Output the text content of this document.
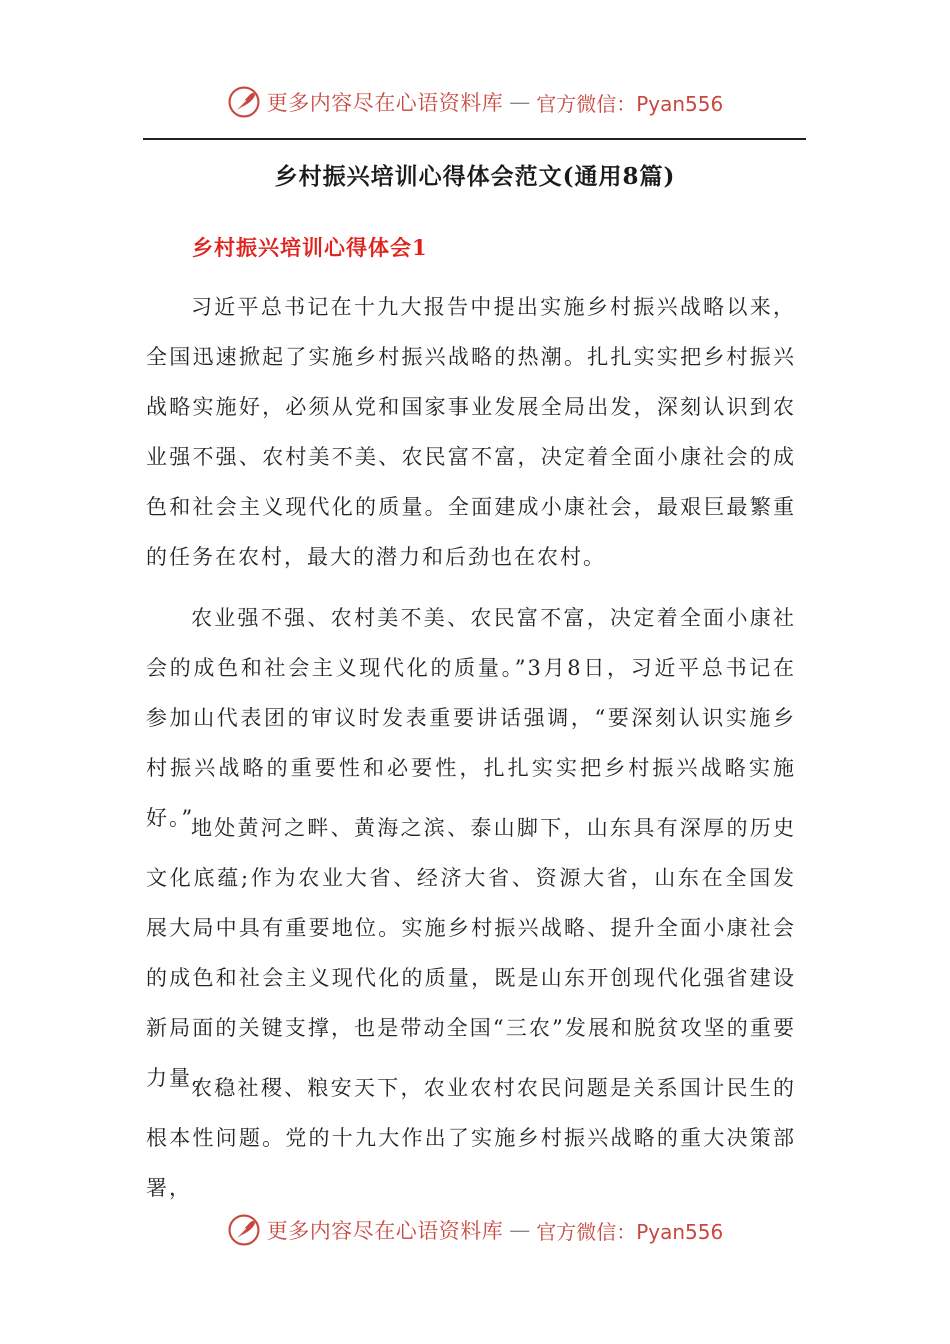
更多内容尽在心语资料库 — 官方微信：Pyan556
乡村振兴培训心得体会范文(通用8篇)
乡村振兴培训心得体会1

习近平总书记在十九大报告中提出实施乡村振兴战略以来，全国迅速掀起了实施乡村振兴战略的热潮。扎扎实实把乡村振兴战略实施好，必须从党和国家事业发展全局出发，深刻认识到农业强不强、农村美不美、农民富不富，决定着全面小康社会的成色和社会主义现代化的质量。全面建成小康社会，最艰巨最繁重的任务在农村，最大的潜力和后劲也在农村。

农业强不强、农村美不美、农民富不富，决定着全面小康社会的成色和社会主义现代化的质量。”3月8日，习近平总书记在参加山代表团的审议时发表重要讲话强调，“要深刻认识实施乡村振兴战略的重要性和必要性，扎扎实实把乡村振兴战略实施好。”

地处黄河之畔、黄海之滨、泰山脚下，山东具有深厚的历史文化底蕴;作为农业大省、经济大省、资源大省，山东在全国发展大局中具有重要地位。实施乡村振兴战略、提升全面小康社会的成色和社会主义现代化的质量，既是山东开创现代化强省建设新局面的关键支撑，也是带动全国“三农”发展和脱贫攻坚的重要力量。

农稳社稷、粮安天下，农业农村农民问题是关系国计民生的根本性问题。党的十九大作出了实施乡村振兴战略的重大决策部署，

更多内容尽在心语资料库 — 官方微信：Pyan556
